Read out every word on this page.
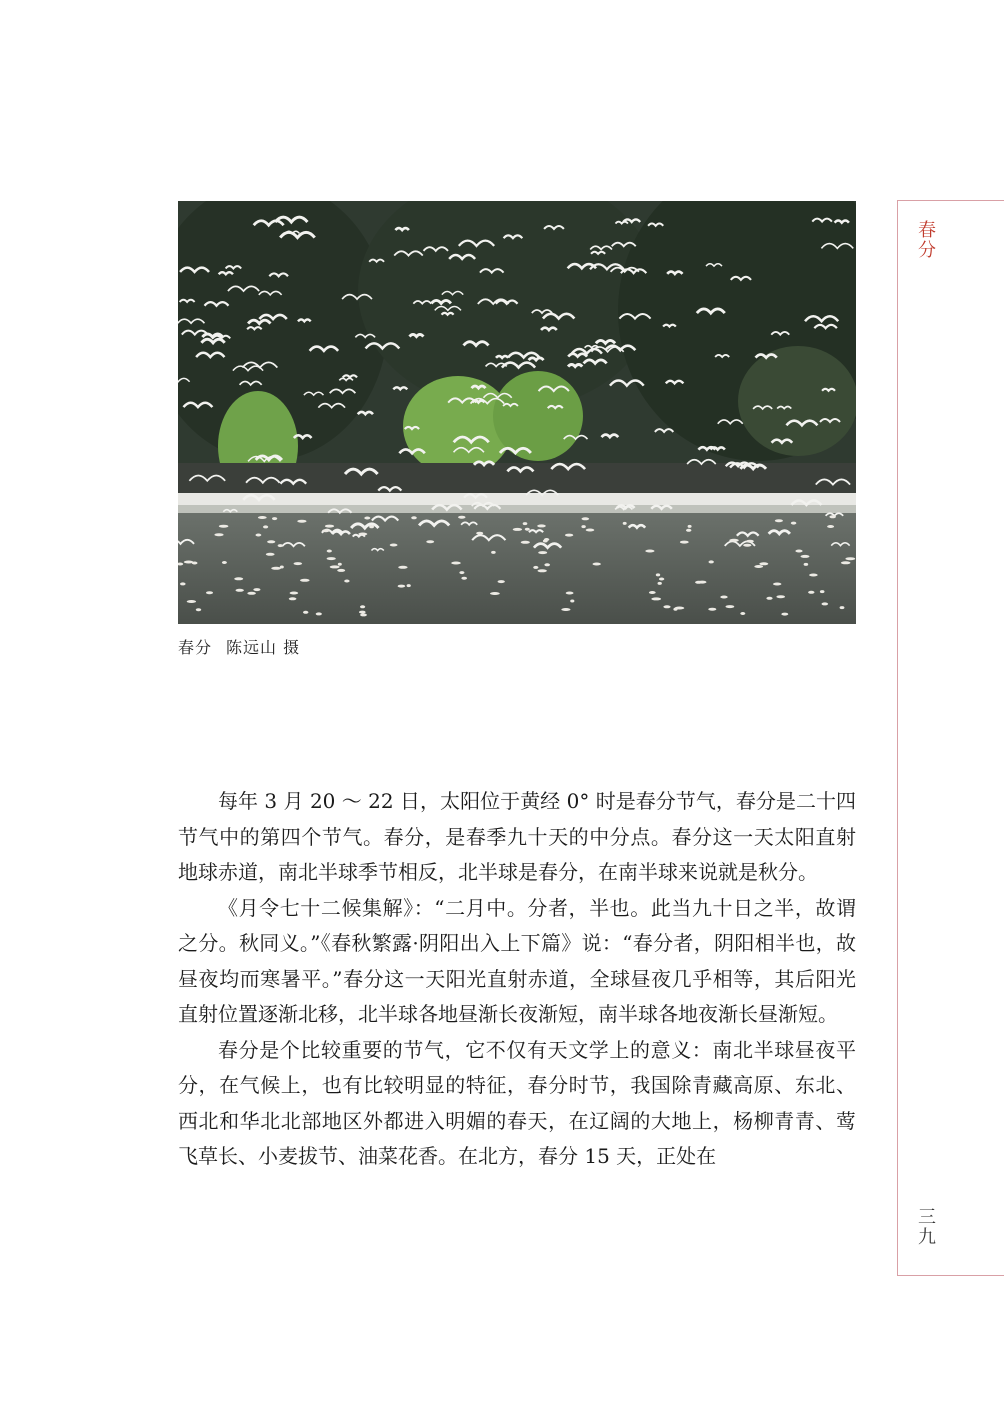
春分 陈远山 摄
春分
三九

每年 3 月 20 ～ 22 日，太阳位于黄经 0° 时是春分节气，春分是二十四节气中的第四个节气。春分，是春季九十天的中分点。春分这一天太阳直射地球赤道，南北半球季节相反，北半球是春分，在南半球来说就是秋分。

《月令七十二候集解》：“二月中。分者，半也。此当九十日之半，故谓之分。秋同义。”《春秋繁露·阴阳出入上下篇》说：“春分者，阴阳相半也，故昼夜均而寒暑平。”春分这一天阳光直射赤道，全球昼夜几乎相等，其后阳光直射位置逐渐北移，北半球各地昼渐长夜渐短，南半球各地夜渐长昼渐短。

春分是个比较重要的节气，它不仅有天文学上的意义：南北半球昼夜平分，在气候上，也有比较明显的特征，春分时节，我国除青藏高原、东北、西北和华北北部地区外都进入明媚的春天，在辽阔的大地上，杨柳青青、莺飞草长、小麦拔节、油菜花香。在北方，春分 15 天，正处在
